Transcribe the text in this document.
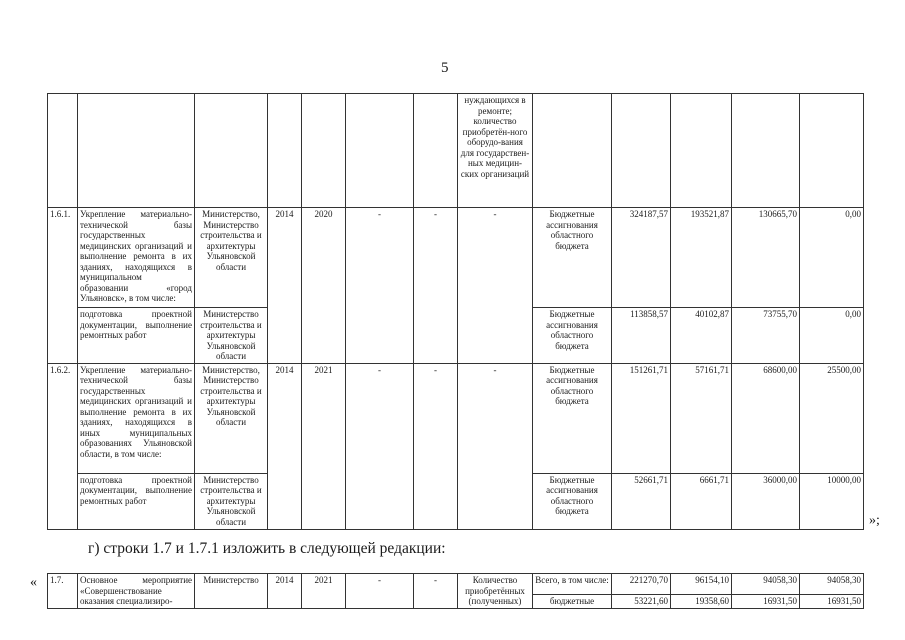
5
							нуждающихся в ремонте; количество приобретён-ного оборудо-вания для государствен-ных медицин-ских организаций					
1.6.1.	Укрепление материально-технической базы государственных медицинских организаций и выполнение ремонта в их зданиях, находящихся в муниципальном образовании «город Ульяновск», в том числе:	Министерство, Министерство строительства и архитектуры Ульяновской области	2014	2020	-	-	-	Бюджетные ассигнования областного бюджета	324187,57	193521,87	130665,70	0,00
	подготовка проектной документации, выполнение ремонтных работ	Министерство строительства и архитектуры Ульяновской области						Бюджетные ассигнования областного бюджета	113858,57	40102,87	73755,70	0,00
1.6.2.	Укрепление материально-технической базы государственных медицинских организаций и выполнение ремонта в их зданиях, находящихся в иных муниципальных образованиях Ульяновской области, в том числе:	Министерство, Министерство строительства и архитектуры Ульяновской области	2014	2021	-	-	-	Бюджетные ассигнования областного бюджета	151261,71	57161,71	68600,00	25500,00
	подготовка проектной документации, выполнение ремонтных работ	Министерство строительства и архитектуры Ульяновской области						Бюджетные ассигнования областного бюджета	52661,71	6661,71	36000,00	10000,00
»;
г) строки 1.7 и 1.7.1 изложить в следующей редакции:
« 1.7.	Основное мероприятие «Совершенствование оказания специализиро-	Министерство	2014	2021	-	-	Количество приобретённых (полученных)	Всего, в том числе:	221270,70	96154,10	94058,30	94058,30
								бюджетные	53221,60	19358,60	16931,50	16931,50
